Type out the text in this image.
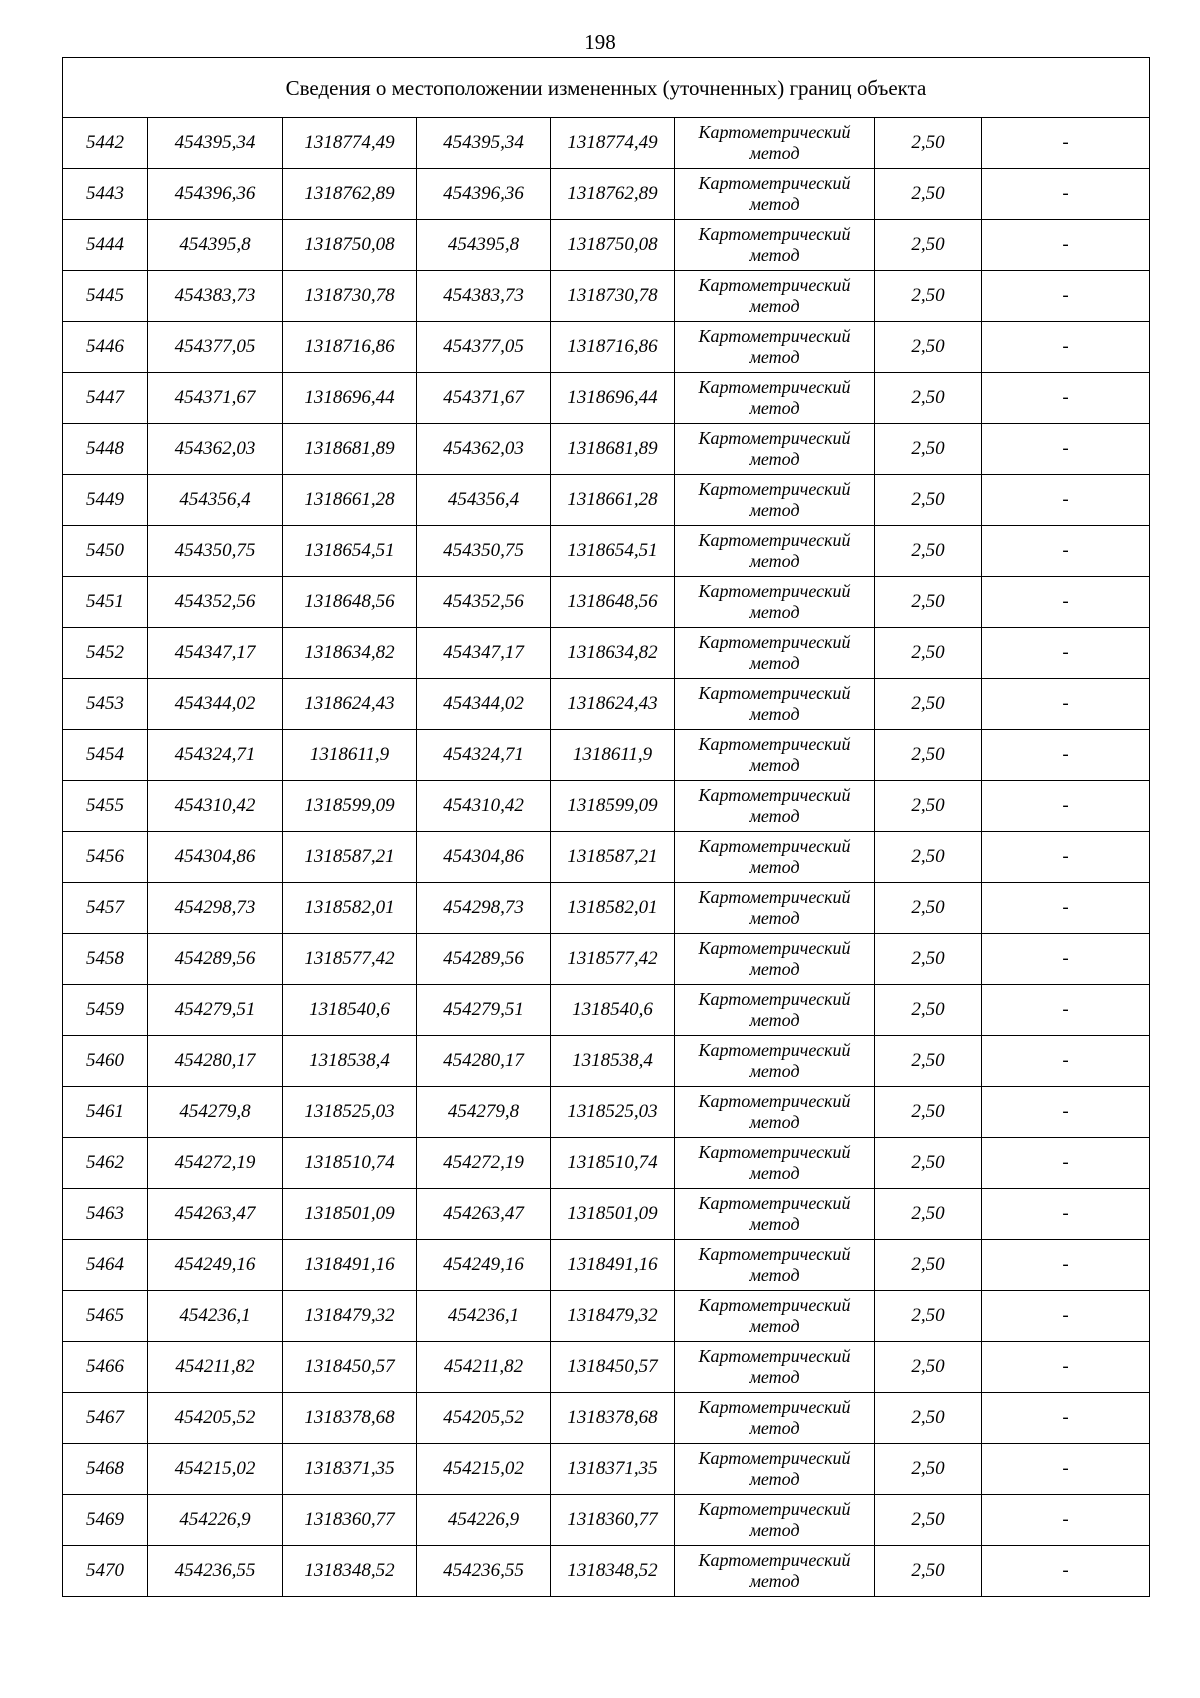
198
Сведения о местоположении измененных (уточненных) границ объекта							
5442	454395,34	1318774,49	454395,34	1318774,49	Картометрический
метод	2,50	-
5443	454396,36	1318762,89	454396,36	1318762,89	Картометрический
метод	2,50	-
5444	454395,8	1318750,08	454395,8	1318750,08	Картометрический
метод	2,50	-
5445	454383,73	1318730,78	454383,73	1318730,78	Картометрический
метод	2,50	-
5446	454377,05	1318716,86	454377,05	1318716,86	Картометрический
метод	2,50	-
5447	454371,67	1318696,44	454371,67	1318696,44	Картометрический
метод	2,50	-
5448	454362,03	1318681,89	454362,03	1318681,89	Картометрический
метод	2,50	-
5449	454356,4	1318661,28	454356,4	1318661,28	Картометрический
метод	2,50	-
5450	454350,75	1318654,51	454350,75	1318654,51	Картометрический
метод	2,50	-
5451	454352,56	1318648,56	454352,56	1318648,56	Картометрический
метод	2,50	-
5452	454347,17	1318634,82	454347,17	1318634,82	Картометрический
метод	2,50	-
5453	454344,02	1318624,43	454344,02	1318624,43	Картометрический
метод	2,50	-
5454	454324,71	1318611,9	454324,71	1318611,9	Картометрический
метод	2,50	-
5455	454310,42	1318599,09	454310,42	1318599,09	Картометрический
метод	2,50	-
5456	454304,86	1318587,21	454304,86	1318587,21	Картометрический
метод	2,50	-
5457	454298,73	1318582,01	454298,73	1318582,01	Картометрический
метод	2,50	-
5458	454289,56	1318577,42	454289,56	1318577,42	Картометрический
метод	2,50	-
5459	454279,51	1318540,6	454279,51	1318540,6	Картометрический
метод	2,50	-
5460	454280,17	1318538,4	454280,17	1318538,4	Картометрический
метод	2,50	-
5461	454279,8	1318525,03	454279,8	1318525,03	Картометрический
метод	2,50	-
5462	454272,19	1318510,74	454272,19	1318510,74	Картометрический
метод	2,50	-
5463	454263,47	1318501,09	454263,47	1318501,09	Картометрический
метод	2,50	-
5464	454249,16	1318491,16	454249,16	1318491,16	Картометрический
метод	2,50	-
5465	454236,1	1318479,32	454236,1	1318479,32	Картометрический
метод	2,50	-
5466	454211,82	1318450,57	454211,82	1318450,57	Картометрический
метод	2,50	-
5467	454205,52	1318378,68	454205,52	1318378,68	Картометрический
метод	2,50	-
5468	454215,02	1318371,35	454215,02	1318371,35	Картометрический
метод	2,50	-
5469	454226,9	1318360,77	454226,9	1318360,77	Картометрический
метод	2,50	-
5470	454236,55	1318348,52	454236,55	1318348,52	Картометрический
метод	2,50	-
